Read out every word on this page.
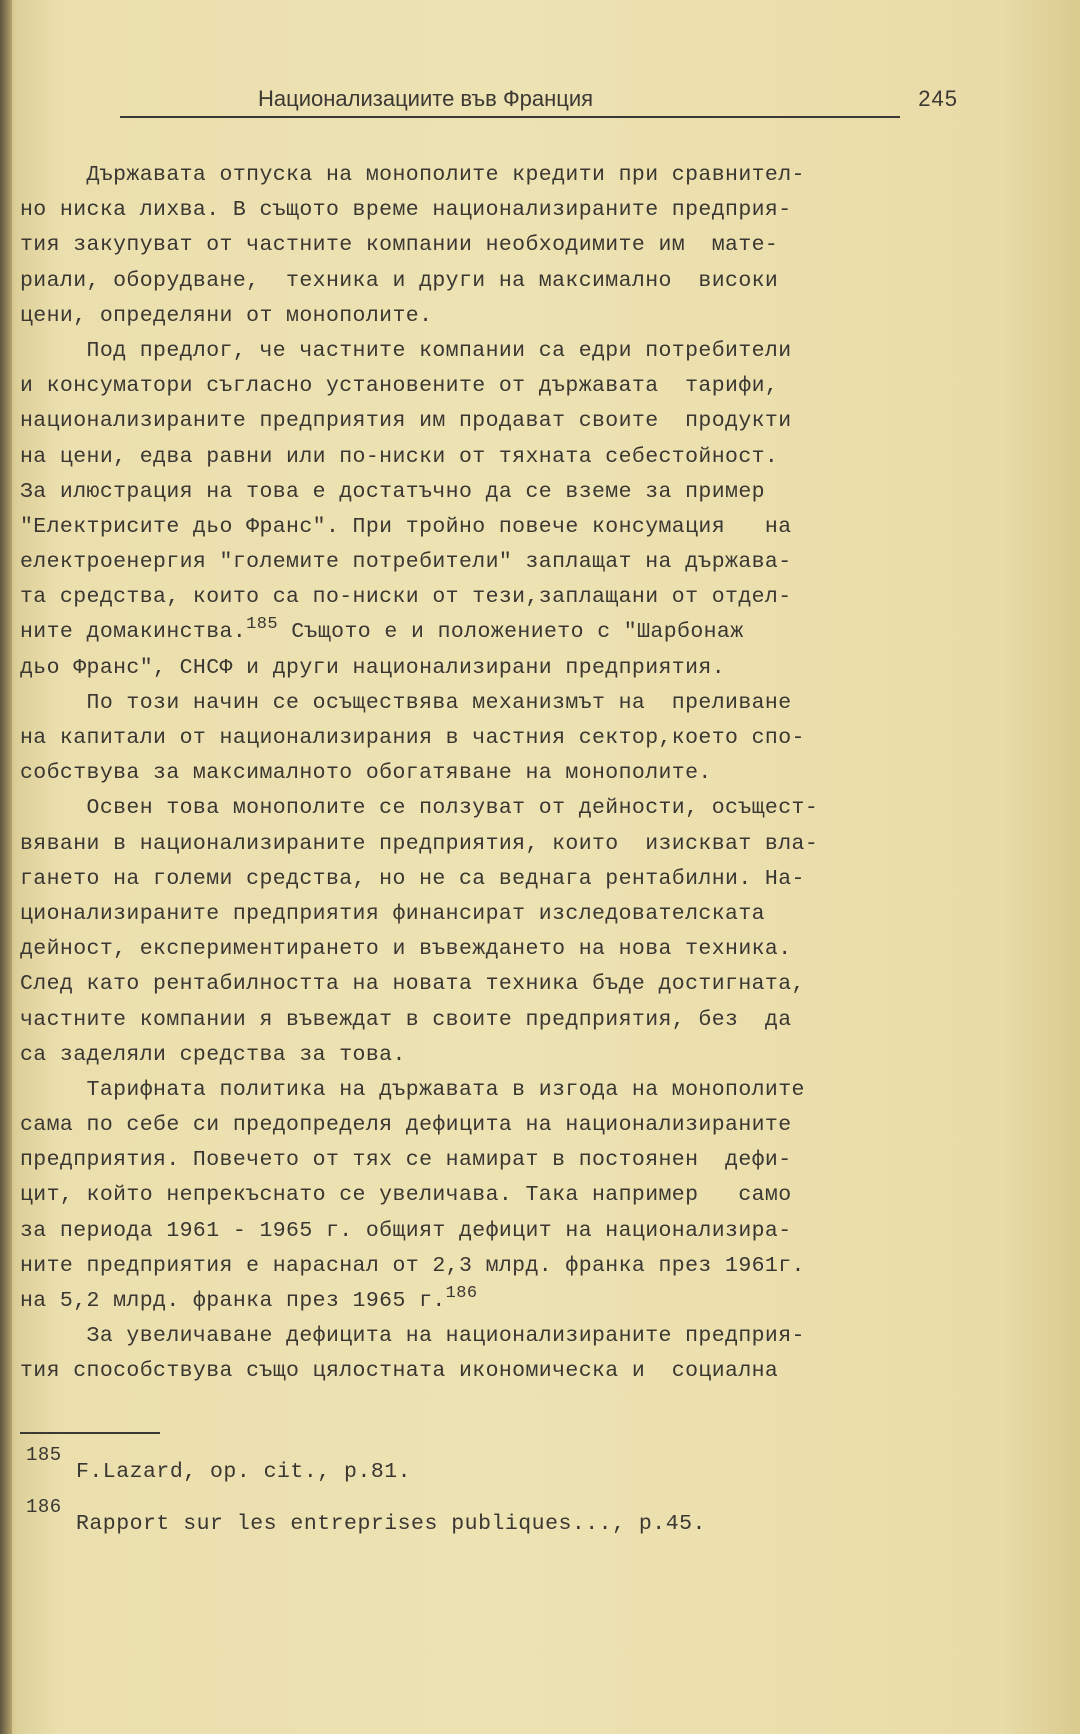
Национализациите във Франция	245
Държавата отпуска на монополите кредити при сравнител-
но ниска лихва. В същото време национализираните предприя-
тия закупуват от частните компании необходимите им  мате-
риали, оборудване,  техника и други на максимално  високи
цени, определяни от монополите.
Под предлог, че частните компании са едри потребители
и консуматори съгласно установените от държавата  тарифи,
национализираните предприятия им продават своите  продукти
на цени, едва равни или по-ниски от тяхната себестойност.
За илюстрация на това е достатъчно да се вземе за пример
"Електрисите дьо Франс". При тройно повече консумация   на
електроенергия "големите потребители" заплащат на държава-
та средства, които са по-ниски от тези,заплащани от отдел-
ните домакинства.$^{185}$ Същото е и положението с "Шарбонаж
дьо Франс", СНСФ и други национализирани предприятия.
По този начин се осъществява механизмът на  преливане
на капитали от национализирания в частния сектор,което спо-
собствува за максималното обогатяване на монополите.
Освен това монополите се ползуват от дейности, осъщест-
вявани в национализираните предприятия, които  изискват вла-
гането на големи средства, но не са веднага рентабилни. На-
ционализираните предприятия финансират изследователската
дейност, експериментирането и въвеждането на нова техника.
След като рентабилността на новата техника бъде достигната,
частните компании я въвеждат в своите предприятия, без  да
са заделяли средства за това.
Тарифната политика на държавата в изгода на монополите
сама по себе си предопределя дефицита на национализираните
предприятия. Повечето от тях се намират в постоянен  дефи-
цит, който непрекъснато се увеличава. Така например   само
за периода 1961 - 1965 г. общият дефицит на национализира-
ните предприятия е нараснал от 2,3 млрд. франка през 1961г.
на 5,2 млрд. франка през 1965 г.$^{186}$
За увеличаване дефицита на национализираните предприя-
тия способствува също цялостната икономическа и  социална

185

F.Lazard, op. cit., p.81.

186

Rapport sur les entreprises publiques..., p.45.
